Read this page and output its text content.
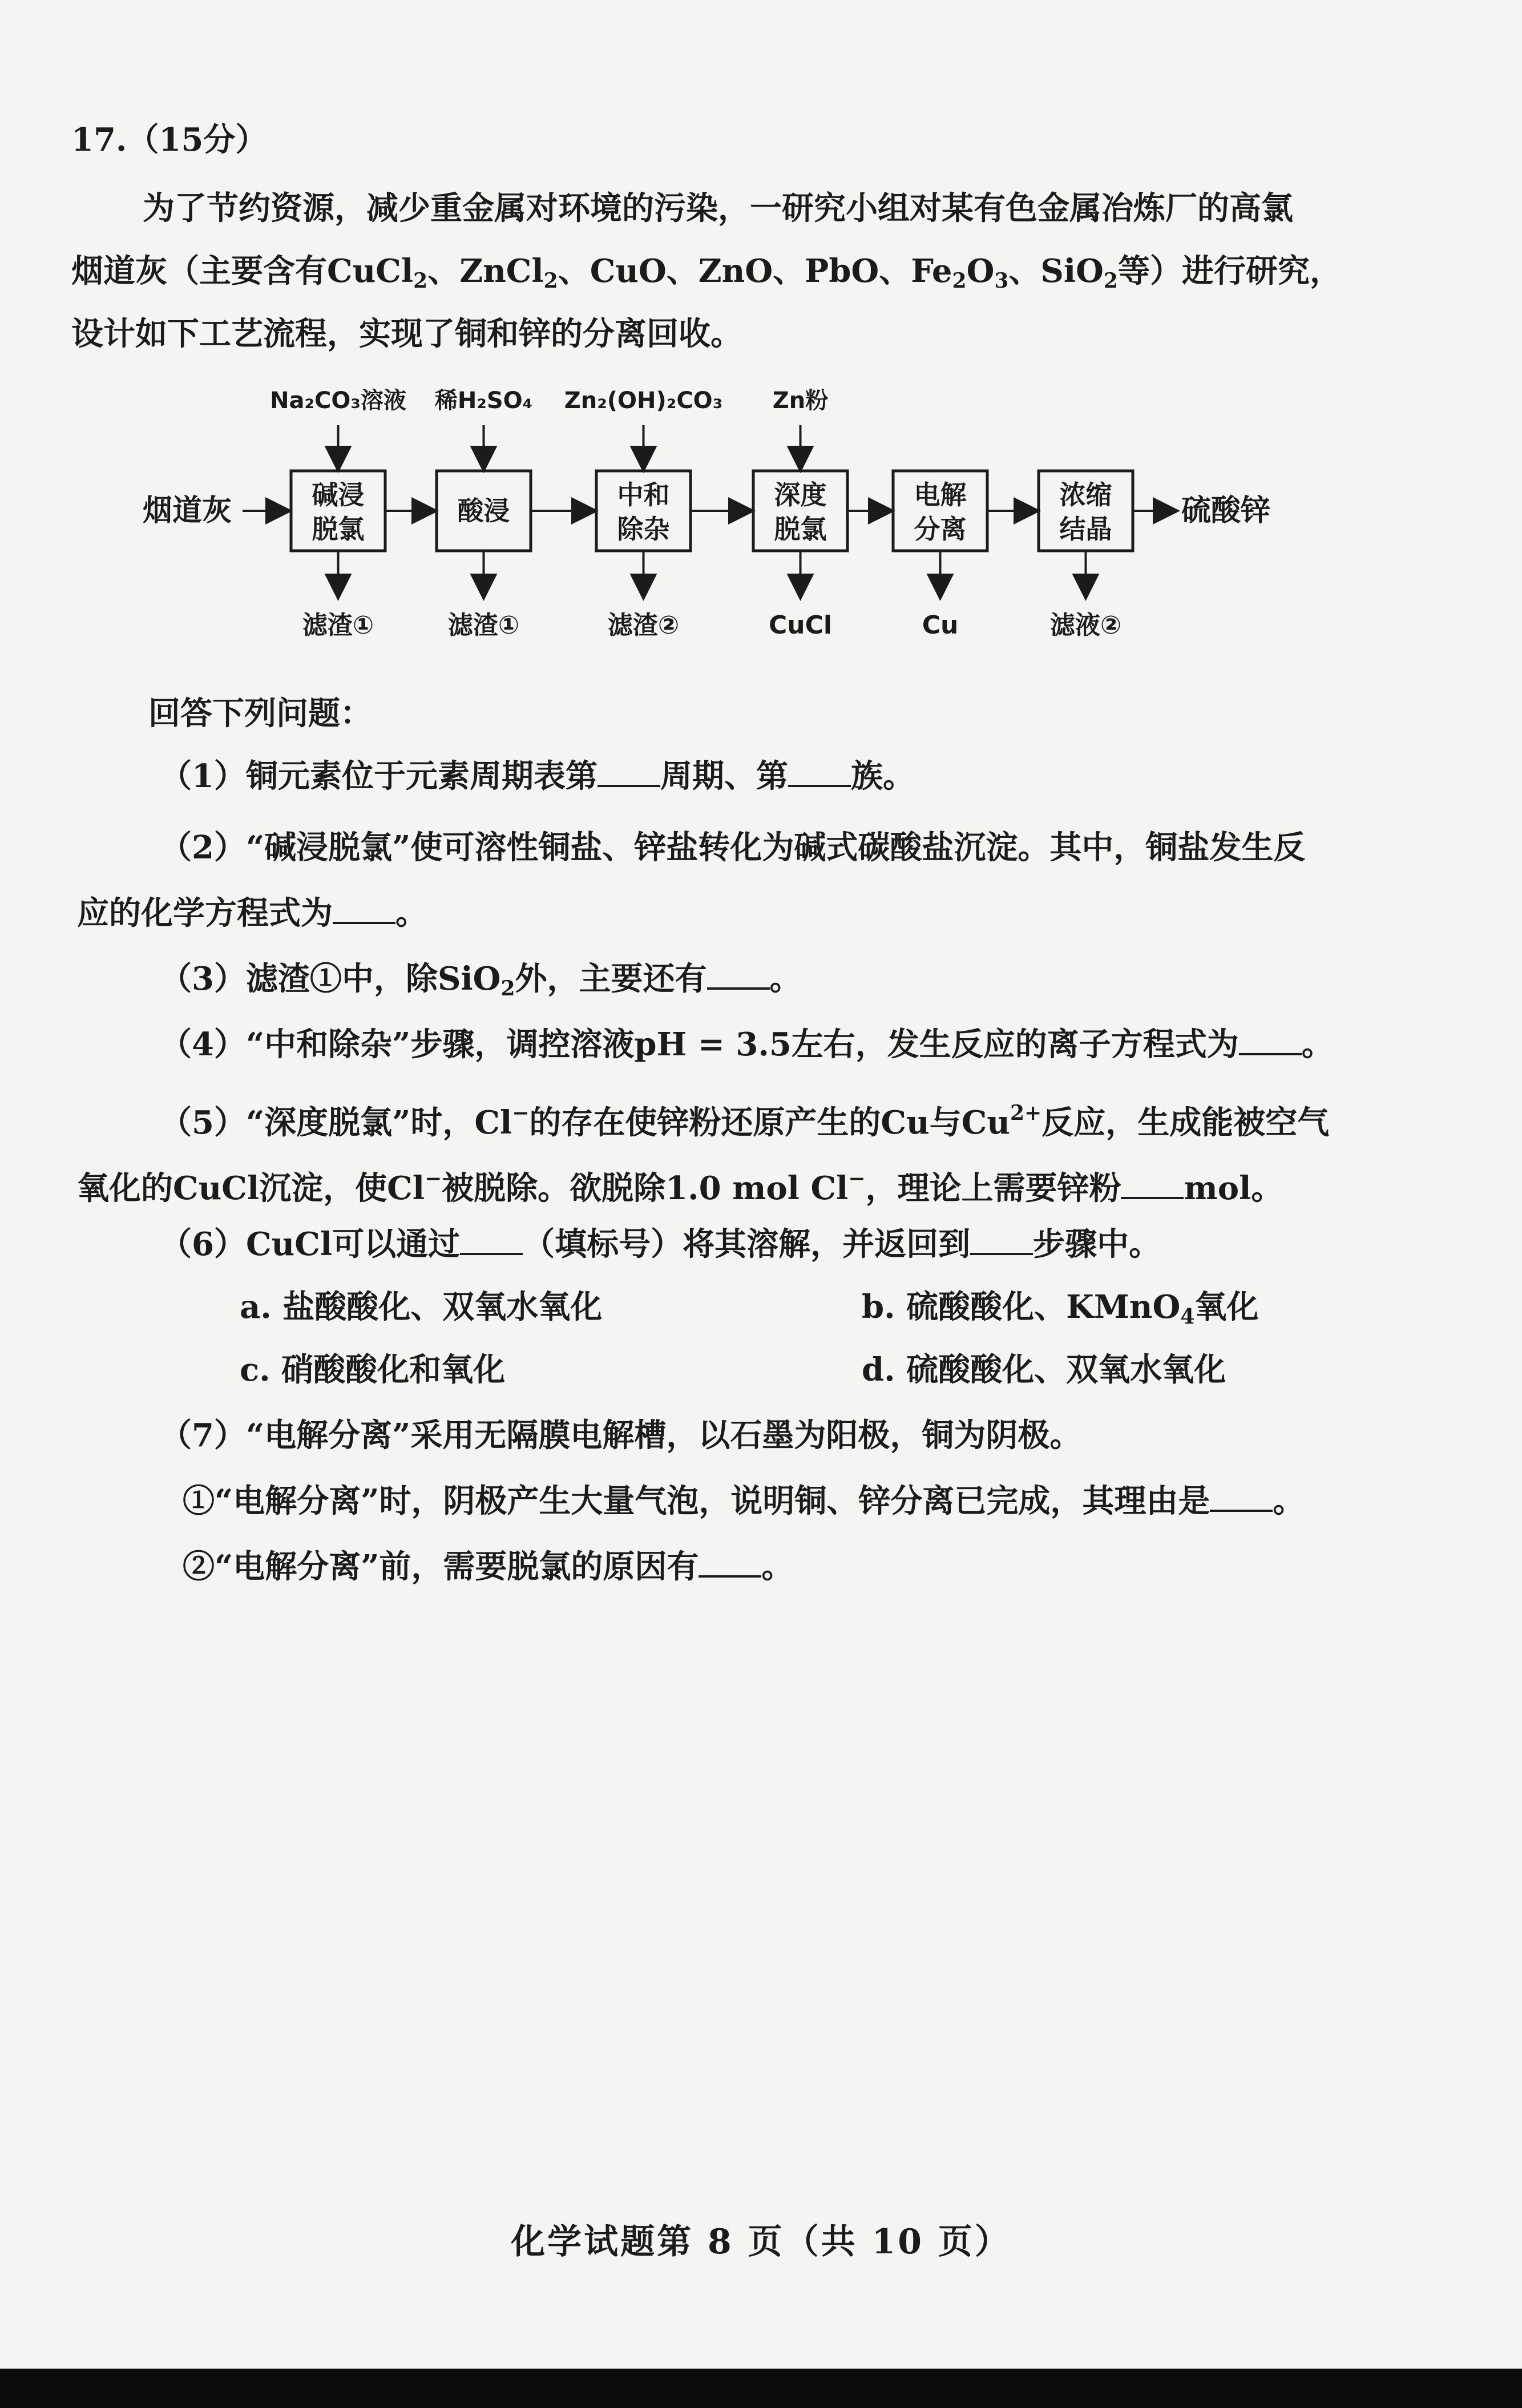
17.（15分）
为了节约资源，减少重金属对环境的污染，一研究小组对某有色金属冶炼厂的高氯
烟道灰（主要含有CuCl$_2$、ZnCl$_2$、CuO、ZnO、PbO、$Fe_2O_3$、SiO$_2$等）进行研究，
设计如下工艺流程，实现了铜和锌的分离回收。
烟道灰	碱浸
脱氯
Na₂CO₃溶液
滤渣①
酸浸
稀H₂SO₄
滤渣①
中和
除杂
Zn₂(OH)₂CO₃
滤渣②
深度
脱氯
Zn粉
CuCl
电解
分离
Cu
浓缩
结晶
滤液②
硫酸锌
回答下列问题：
（1）铜元素位于元素周期表第 周期、第 族。
（2）“碱浸脱氯”使可溶性铜盐、锌盐转化为碱式碳酸盐沉淀。其中，铜盐发生反
应的化学方程式为 。
（3）滤渣①中，除SiO$_2$外，主要还有 。
（4）“中和除杂”步骤，调控溶液pH = 3.5左右，发生反应的离子方程式为 。
（5）“深度脱氯”时，Cl−的存在使锌粉还原产生的Cu与$Cu^{2+}$反应，生成能被空气
氧化的CuCl沉淀，使Cl−被脱除。欲脱除1.0 mol Cl−，理论上需要锌粉 mol。
（6）CuCl可以通过 （填标号）将其溶解，并返回到 步骤中。
a. 盐酸酸化、双氧水氧化	b. 硫酸酸化、KMnO$_4$氧化
c. 硝酸酸化和氧化	d. 硫酸酸化、双氧水氧化
（7）“电解分离”采用无隔膜电解槽，以石墨为阳极，铜为阴极。
①“电解分离”时，阴极产生大量气泡，说明铜、锌分离已完成，其理由是 。
②“电解分离”前，需要脱氯的原因有 。
化学试题第 8 页（共 10 页）
